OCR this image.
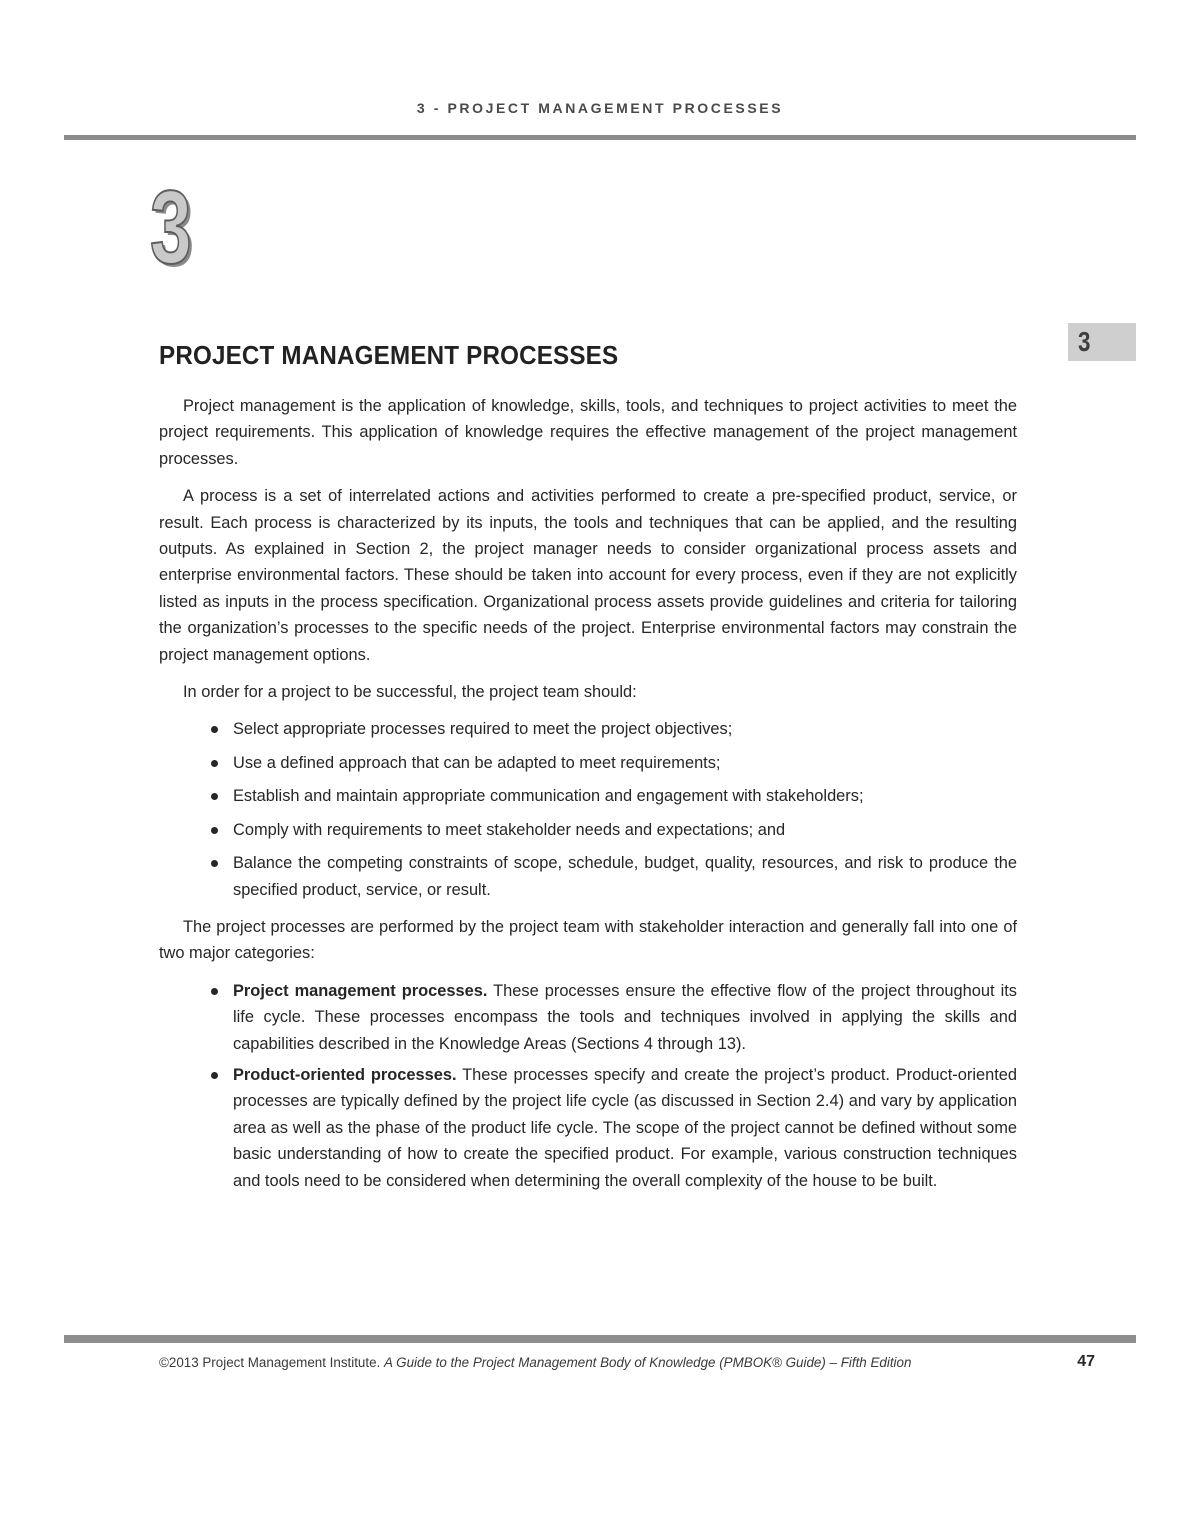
3 - PROJECT MANAGEMENT PROCESSES
3
3
PROJECT MANAGEMENT PROCESSES

Project management is the application of knowledge, skills, tools, and techniques to project activities to meet the project requirements. This application of knowledge requires the effective management of the project management processes.

A process is a set of interrelated actions and activities performed to create a pre-specified product, service, or result. Each process is characterized by its inputs, the tools and techniques that can be applied, and the resulting outputs. As explained in Section 2, the project manager needs to consider organizational process assets and enterprise environmental factors. These should be taken into account for every process, even if they are not explicitly listed as inputs in the process specification. Organizational process assets provide guidelines and criteria for tailoring the organization’s processes to the specific needs of the project. Enterprise environmental factors may constrain the project management options.

In order for a project to be successful, the project team should:

Select appropriate processes required to meet the project objectives;
Use a defined approach that can be adapted to meet requirements;
Establish and maintain appropriate communication and engagement with stakeholders;
Comply with requirements to meet stakeholder needs and expectations; and
Balance the competing constraints of scope, schedule, budget, quality, resources, and risk to produce the specified product, service, or result.

The project processes are performed by the project team with stakeholder interaction and generally fall into one of two major categories:

Project management processes. These processes ensure the effective flow of the project throughout its life cycle. These processes encompass the tools and techniques involved in applying the skills and capabilities described in the Knowledge Areas (Sections 4 through 13).
Product-oriented processes. These processes specify and create the project’s product. Product-oriented processes are typically defined by the project life cycle (as discussed in Section 2.4) and vary by application area as well as the phase of the product life cycle. The scope of the project cannot be defined without some basic understanding of how to create the specified product. For example, various construction techniques and tools need to be considered when determining the overall complexity of the house to be built.
©2013 Project Management Institute. A Guide to the Project Management Body of Knowledge (PMBOK® Guide) – Fifth Edition	47
